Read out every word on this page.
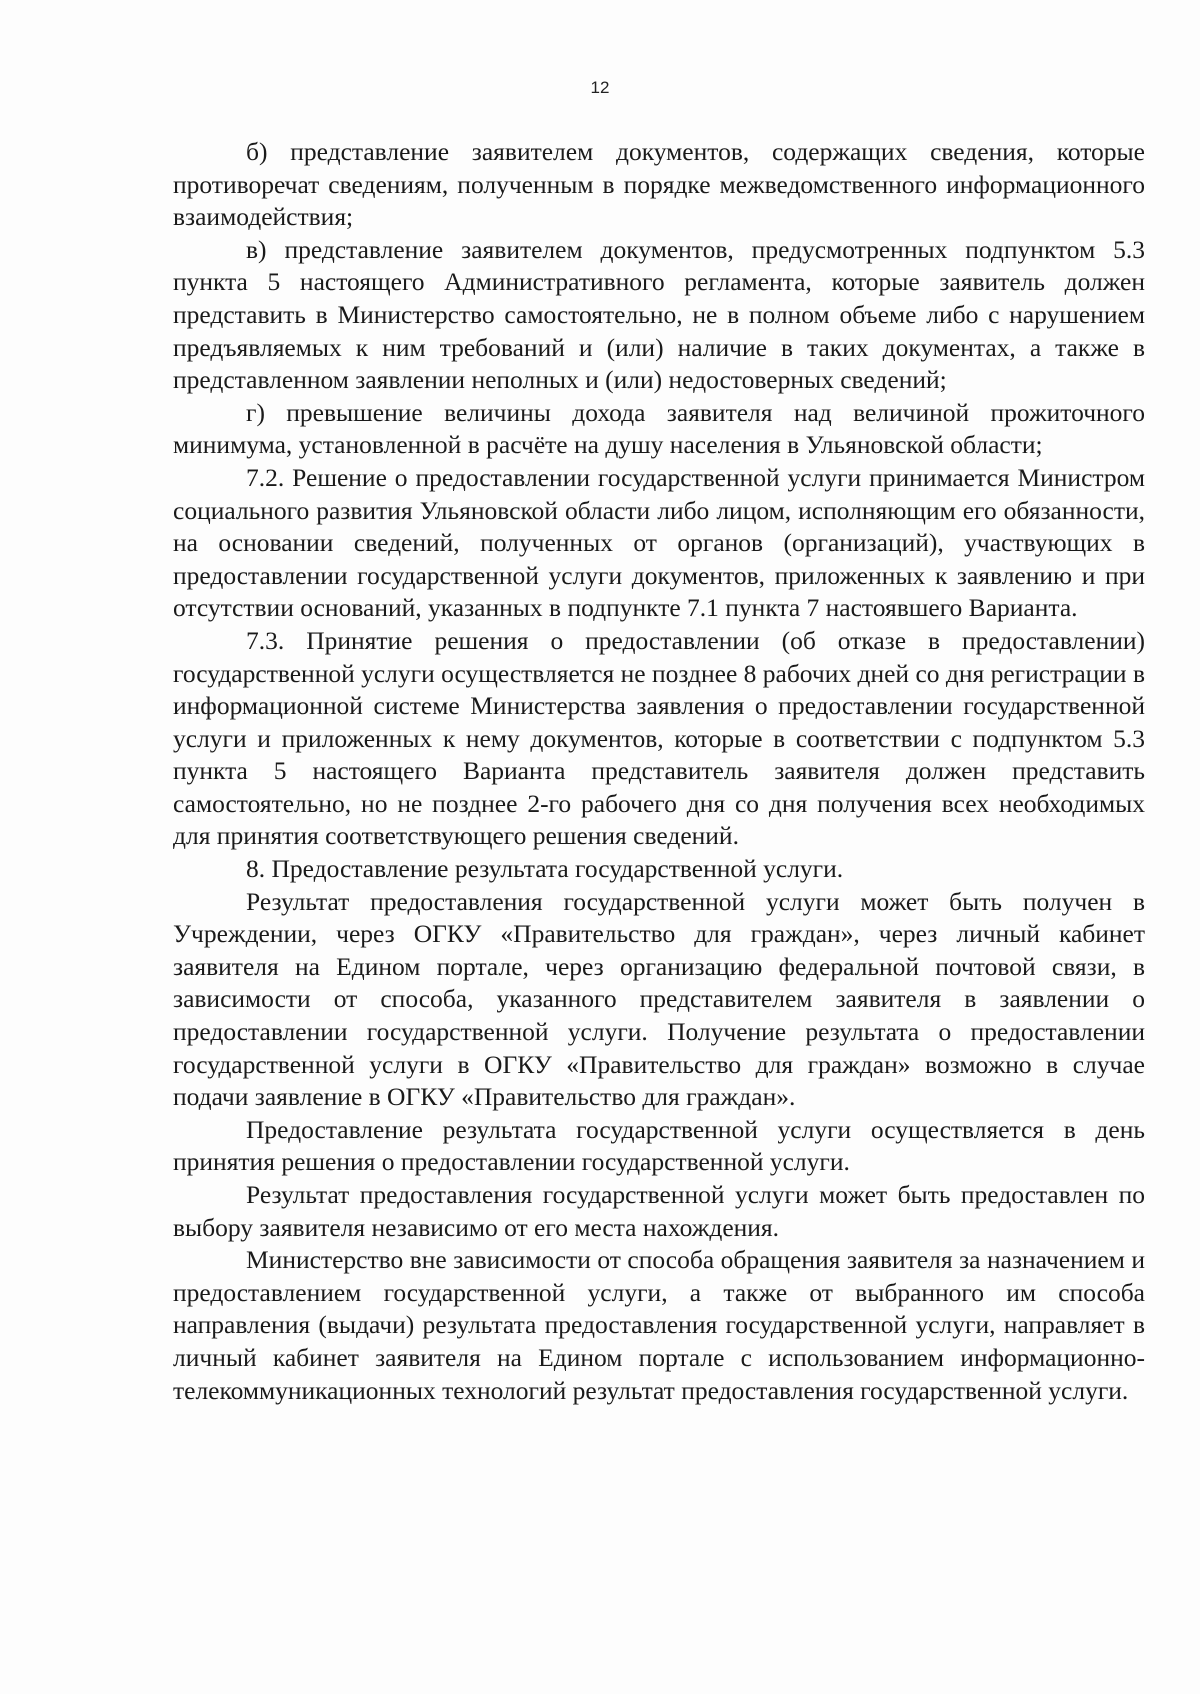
12

б) представление заявителем документов, содержащих сведения, которые противоречат сведениям, полученным в порядке межведомственного информационного взаимодействия;

в) представление заявителем документов, предусмотренных подпунктом 5.3 пункта 5 настоящего Административного регламента, которые заявитель должен представить в Министерство самостоятельно, не в полном объеме либо с нарушением предъявляемых к ним требований и (или) наличие в таких документах, а также в представленном заявлении неполных и (или) недостоверных сведений;

г) превышение величины дохода заявителя над величиной прожиточного минимума, установленной в расчёте на душу населения в Ульяновской области;

7.2. Решение о предоставлении государственной услуги принимается Министром социального развития Ульяновской области либо лицом, исполняющим его обязанности, на основании сведений, полученных от органов (организаций), участвующих в предоставлении государственной услуги документов, приложенных к заявлению и при отсутствии оснований, указанных в подпункте 7.1 пункта 7 настоявшего Варианта.

7.3. Принятие решения о предоставлении (об отказе в предоставлении) государственной услуги осуществляется не позднее 8 рабочих дней со дня регистрации в информационной системе Министерства заявления о предоставлении государственной услуги и приложенных к нему документов, которые в соответствии с подпунктом 5.3 пункта 5 настоящего Варианта представитель заявителя должен представить самостоятельно, но не позднее 2-го рабочего дня со дня получения всех необходимых для принятия соответствующего решения сведений.

8. Предоставление результата государственной услуги.

Результат предоставления государственной услуги может быть получен в Учреждении, через ОГКУ «Правительство для граждан», через личный кабинет заявителя на Едином портале, через организацию федеральной почтовой связи, в зависимости от способа, указанного представителем заявителя в заявлении о предоставлении государственной услуги. Получение результата о предоставлении государственной услуги в ОГКУ «Правительство для граждан» возможно в случае подачи заявление в ОГКУ «Правительство для граждан».

Предоставление результата государственной услуги осуществляется в день принятия решения о предоставлении государственной услуги.

Результат предоставления государственной услуги может быть предоставлен по выбору заявителя независимо от его места нахождения.

Министерство вне зависимости от способа обращения заявителя за назначением и предоставлением государственной услуги, а также от выбранного им способа направления (выдачи) результата предоставления государственной услуги, направляет в личный кабинет заявителя на Едином портале с использованием информационно-телекоммуникационных технологий результат предоставления государственной услуги.
